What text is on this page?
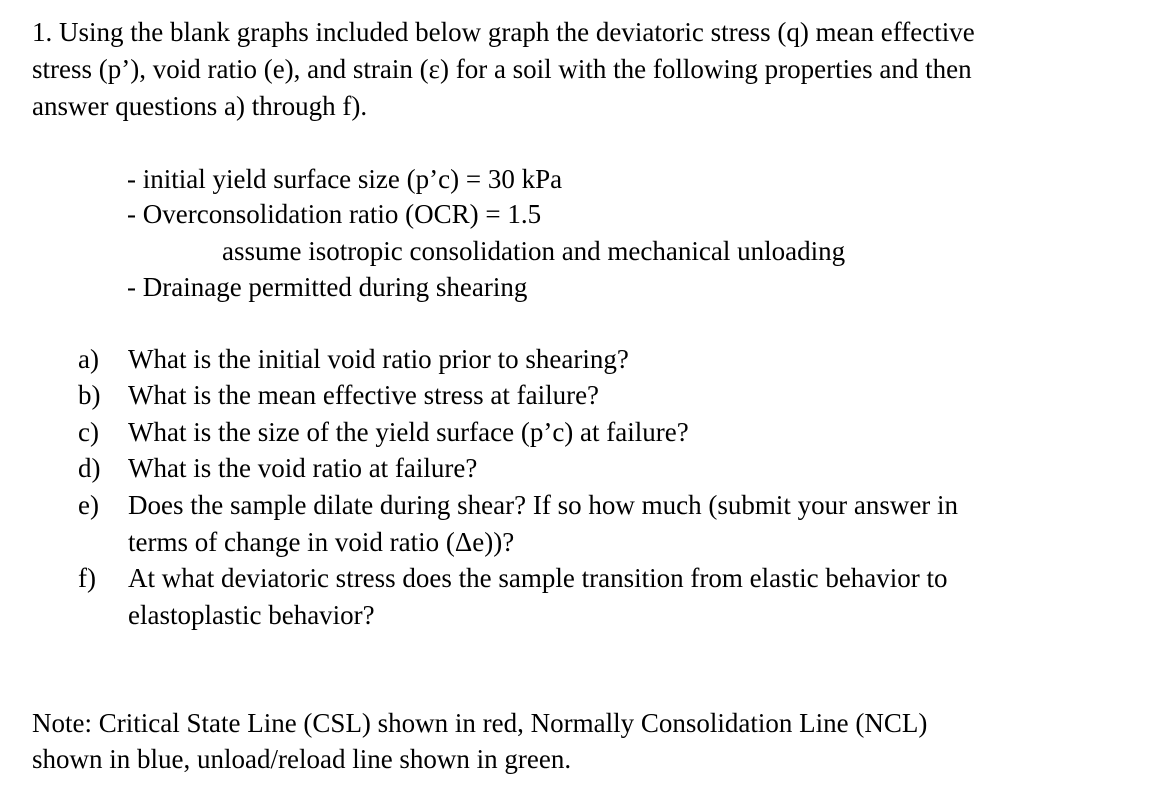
1. Using the blank graphs included below graph the deviatoric stress (q) mean effective
stress (p’), void ratio (e), and strain (ε) for a soil with the following properties and then
answer questions a) through f).
- initial yield surface size (p’c) = 30 kPa
- Overconsolidation ratio (OCR) = 1.5
assume isotropic consolidation and mechanical unloading
- Drainage permitted during shearing
a) What is the initial void ratio prior to shearing?
b) What is the mean effective stress at failure?
c) What is the size of the yield surface (p’c) at failure?
d) What is the void ratio at failure?
e) Does the sample dilate during shear? If so how much (submit your answer in
terms of change in void ratio (Δe))?
f) At what deviatoric stress does the sample transition from elastic behavior to
elastoplastic behavior?
Note: Critical State Line (CSL) shown in red, Normally Consolidation Line (NCL)
shown in blue, unload/reload line shown in green.
